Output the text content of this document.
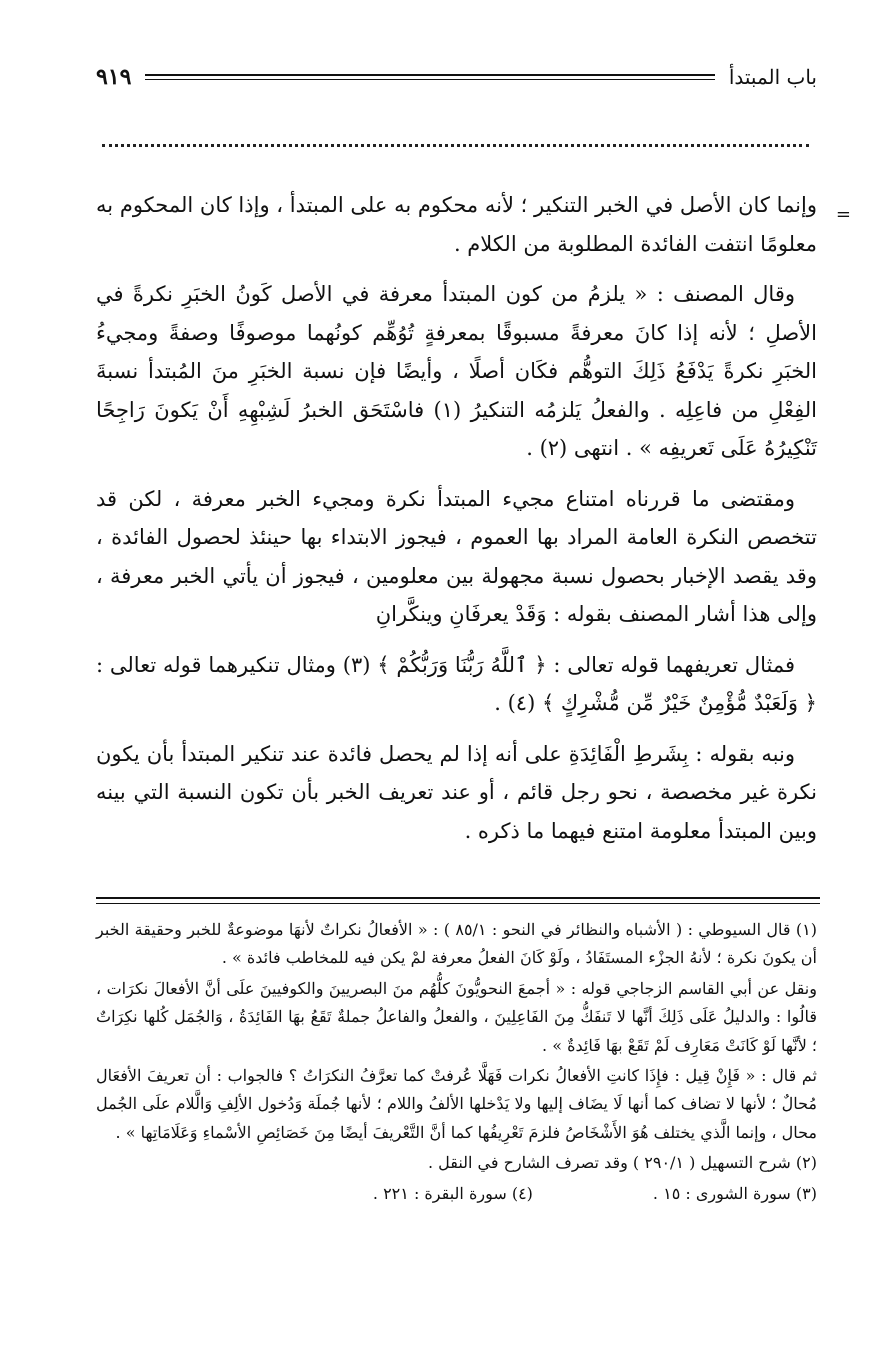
باب المبتدأ
٩١٩
=

وإنما كان الأصل في الخبر التنكير ؛ لأنه محكوم به على المبتدأ ، وإذا كان المحكوم به معلومًا انتفت الفائدة المطلوبة من الكلام .

وقال المصنف : « يلزمُ من كون المبتدأ معرفة في الأصل كَونُ الخبَرِ نكرةً في الأصلِ ؛ لأنه إذا كانَ معرفةً مسبوقًا بمعرفةٍ تُوُهِّم كونُهما موصوفًا وصفةً ومجيءُ الخبَرِ نكرةً يَدْفَعُ ذَلِكَ التوهُّم فكَان أصلًا ، وأيضًا فإن نسبة الخبَرِ منَ المُبتدأ نسبةَ الفِعْلِ من فاعِلِه . والفعلُ يَلزمُه التنكيرُ (١) فاسْتَحَق الخبرُ لَشِبْهِهِ أَنْ يَكونَ رَاجِحًا تَنْكِيرُهُ عَلَى تَعريفِه » . انتهى (٢) .

ومقتضى ما قررناه امتناع مجيء المبتدأ نكرة ومجيء الخبر معرفة ، لكن قد تتخصص النكرة العامة المراد بها العموم ، فيجوز الابتداء بها حينئذ لحصول الفائدة ، وقد يقصد الإخبار بحصول نسبة مجهولة بين معلومين ، فيجوز أن يأتي الخبر معرفة ، وإلى هذا أشار المصنف بقوله : وَقَدْ يعرفَانِ وينكَّرانِ

فمثال تعريفهما قوله تعالى : ﴿ ٱللَّهُ رَبُّنَا وَرَبُّكُمْ ﴾ (٣) ومثال تنكيرهما قوله تعالى : ﴿ وَلَعَبْدٌ مُّؤْمِنٌ خَيْرٌ مِّن مُّشْرِكٍ ﴾ (٤) .

ونبه بقوله : بِشَرطِ الْفَائِدَةِ على أنه إذا لم يحصل فائدة عند تنكير المبتدأ بأن يكون نكرة غير مخصصة ، نحو رجل قائم ، أو عند تعريف الخبر بأن تكون النسبة التي بينه وبين المبتدأ معلومة امتنع فيهما ما ذكره .

(١) قال السيوطي : ( الأشباه والنظائر في النحو : ٨٥/١ ) : « الأفعالُ نكراتٌ لأنهَا موضوعةٌ للخبر وحقيقة الخبر أن يكونَ نكرة ؛ لأنهُ الجزْء المستَفَادُ ، ولَوْ كَانَ الفعلُ معرفة لمْ يكن فيه للمخاطب فائدة » .

ونقل عن أبي القاسم الزجاجي قوله : « أجمعَ النحويُّونَ كلُّهُم منَ البصريينَ والكوفيينَ علَى أنَّ الأفعالَ نكرَات ، قالُوا : والدليلُ عَلَى ذَلِكَ أنَّها لا تَنفَكُّ مِنَ الفَاعِلِينَ ، والفعلُ والفاعلُ جملةٌ تَقَعُ بهَا الفَائِدَةُ ، وَالجُمَل كُلها نكِرَاتٌ ؛ لأنَّها لَوْ كَانَتْ مَعَارِف لَمْ تَقَعْ بهَا فَائِدةٌ » .

ثم قال : « فَإِنْ قِيل : فإِذَا كانتِ الأفعالُ نكرات فَهَلَّا عُرفتْ كما تعرَّفُ النكرَاتُ ؟ فالجواب : أن تعريفَ الأفعَال مُحالٌ ؛ لأنها لا تضاف كما أنها لَا يضَاف إليها ولا يَدْخلها الألفُ واللام ؛ لأنها جُملَة وَدُخول الألِفِ وَالَّلام علَى الجُمل محال ، وإنما الَّذي يختلف هُوَ الأَشْخَاصُ فلزمَ تَعْرِيفُها كما أنَّ التَّعْريفَ أيضًا مِنَ خَصَائِصِ الأسْماءِ وَعَلَامَاتِها » .

(٢) شرح التسهيل ( ٢٩٠/١ ) وقد تصرف الشارح في النقل .

(٣) سورة الشورى : ١٥ .
(٤) سورة البقرة : ٢٢١ .
